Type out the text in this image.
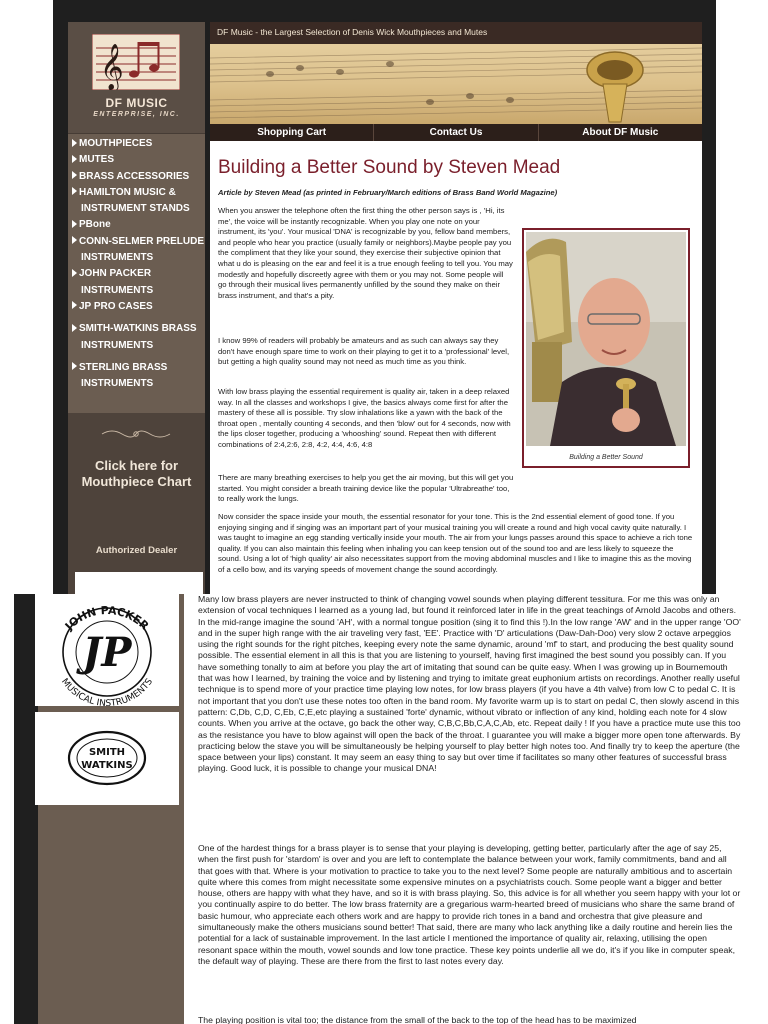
𝄞
DF MUSIC
ENTERPRISE, INC.
MOUTHPIECES
MUTES
BRASS ACCESSORIES
HAMILTON MUSIC &
INSTRUMENT STANDS
PBone
CONN-SELMER PRELUDE
INSTRUMENTS
JOHN PACKER
INSTRUMENTS
JP PRO CASES
SMITH-WATKINS BRASS
INSTRUMENTS
STERLING BRASS
INSTRUMENTS
Click here for Mouthpiece Chart
Authorized Dealer
DF Music - the Largest Selection of Denis Wick Mouthpieces and Mutes
Shopping Cart	Contact Us	About DF Music
Building a Better Sound by Steven Mead
Article by Steven Mead (as printed in February/March editions of Brass Band World Magazine)

When you answer the telephone often the first thing the other person says is , 'Hi, its me', the voice will be instantly recognizable. When you play one note on your instrument, its 'you'. Your musical 'DNA' is recognizable by you, fellow band members, and people who hear you practice (usually family or neighbors).Maybe people pay you the compliment that they like your sound, they exercise their subjective opinion that what u do is pleasing on the ear and feel it is a true enough feeling to tell you. You may modestly and hopefully discreetly agree with them or you may not. Some people will go through their musical lives permanently unfilled by the sound they make on their brass instrument, and that's a pity.

I know 99% of readers will probably be amateurs and as such can always say they don't have enough spare time to work on their playing to get it to a 'professional' level, but getting a high quality sound may not need as much time as you think.

With low brass playing the essential requirement is quality air, taken in a deep relaxed way. In all the classes and workshops I give, the basics always come first for after the mastery of these all is possible. Try slow inhalations like a yawn with the back of the throat open , mentally counting 4 seconds, and then 'blow' out for 4 seconds, now with the lips closer together, producing a 'whooshing' sound. Repeat then with different combinations of 2:4,2:6, 2:8, 4:2, 4:4, 4:6, 4:8

There are many breathing exercises to help you get the air moving, but this will get you started. You might consider a breath training device like the popular 'Ultrabreathe' too, to really work the lungs.

Now consider the space inside your mouth, the essential resonator for your tone. This is the 2nd essential element of good tone. If you enjoying singing and if singing was an important part of your musical training you will create a round and high vocal cavity quite naturally. I was taught to imagine an egg standing vertically inside your mouth. The air from your lungs passes around this space to achieve a rich tone quality. If you can also maintain this feeling when inhaling you can keep tension out of the sound too and are less likely to squeeze the sound. Using a lot of 'high quality' air also necessitates support from the moving abdominal muscles and I like to imagine this as the moving of a cello bow, and its varying speeds of movement change the sound accordingly.

Building a Better Sound
JOHN PACKER
MUSICAL INSTRUMENTS
JP
SMITH
WATKINS

Many low brass players are never instructed to think of changing vowel sounds when playing different tessitura. For me this was only an extension of vocal techniques I learned as a young lad, but found it reinforced later in life in the great teachings of Arnold Jacobs and others. In the mid-range imagine the sound 'AH', with a normal tongue position (sing it to find this !).In the low range 'AW' and in the upper range 'OO' and in the super high range with the air traveling very fast, 'EE'. Practice with 'D' articulations (Daw-Dah-Doo) very slow 2 octave arpeggios using the right sounds for the right pitches, keeping every note the same dynamic, around 'mf' to start, and producing the best quality sound possible. The essential element in all this is that you are listening to yourself, having first imagined the best sound you possibly can. If you have something tonally to aim at before you play the art of imitating that sound can be quite easy. When I was growing up in Bournemouth that was how I learned, by training the voice and by listening and trying to imitate great euphonium artists on recordings. Another really useful technique is to spend more of your practice time playing low notes, for low brass players (if you have a 4th valve) from low C to pedal C. It is not important that you don't use these notes too often in the band room. My favorite warm up is to start on pedal C, then slowly ascend in this pattern: C,Db, C,D, C,Eb, C,E,etc playing a sustained 'forte' dynamic, without vibrato or inflection of any kind, holding each note for 4 slow counts. When you arrive at the octave, go back the other way, C,B,C,Bb,C,A,C,Ab, etc. Repeat daily ! If you have a practice mute use this too as the resistance you have to blow against will open the back of the throat. I guarantee you will make a bigger more open tone afterwards. By practicing below the stave you will be simultaneously be helping yourself to play better high notes too. And finally try to keep the aperture (the space between your lips) constant. It may seem an easy thing to say but over time if facilitates so many other features of successful brass playing. Good luck, it is possible to change your musical DNA!

One of the hardest things for a brass player is to sense that your playing is developing, getting better, particularly after the age of say 25, when the first push for 'stardom' is over and you are left to contemplate the balance between your work, family commitments, band and all that goes with that. Where is your motivation to practice to take you to the next level? Some people are naturally ambitious and to ascertain quite where this comes from might necessitate some expensive minutes on a psychiatrists couch. Some people want a bigger and better house, others are happy with what they have, and so it is with brass playing. So, this advice is for all whether you seem happy with your lot or you continually aspire to do better. The low brass fraternity are a gregarious warm-hearted breed of musicians who share the same brand of basic humour, who appreciate each others work and are happy to provide rich tones in a band and orchestra that give pleasure and simultaneously make the others musicians sound better! That said, there are many who lack anything like a daily routine and herein lies the potential for a lack of sustainable improvement. In the last article I mentioned the importance of quality air, relaxing, utilising the open resonant space within the mouth, vowel sounds and low tone practice. These key points underlie all we do, it's if you like in computer speak, the default way of playing. These are there from the first to last notes every day.

The playing position is vital too; the distance from the small of the back to the top of the head has to be maximized
